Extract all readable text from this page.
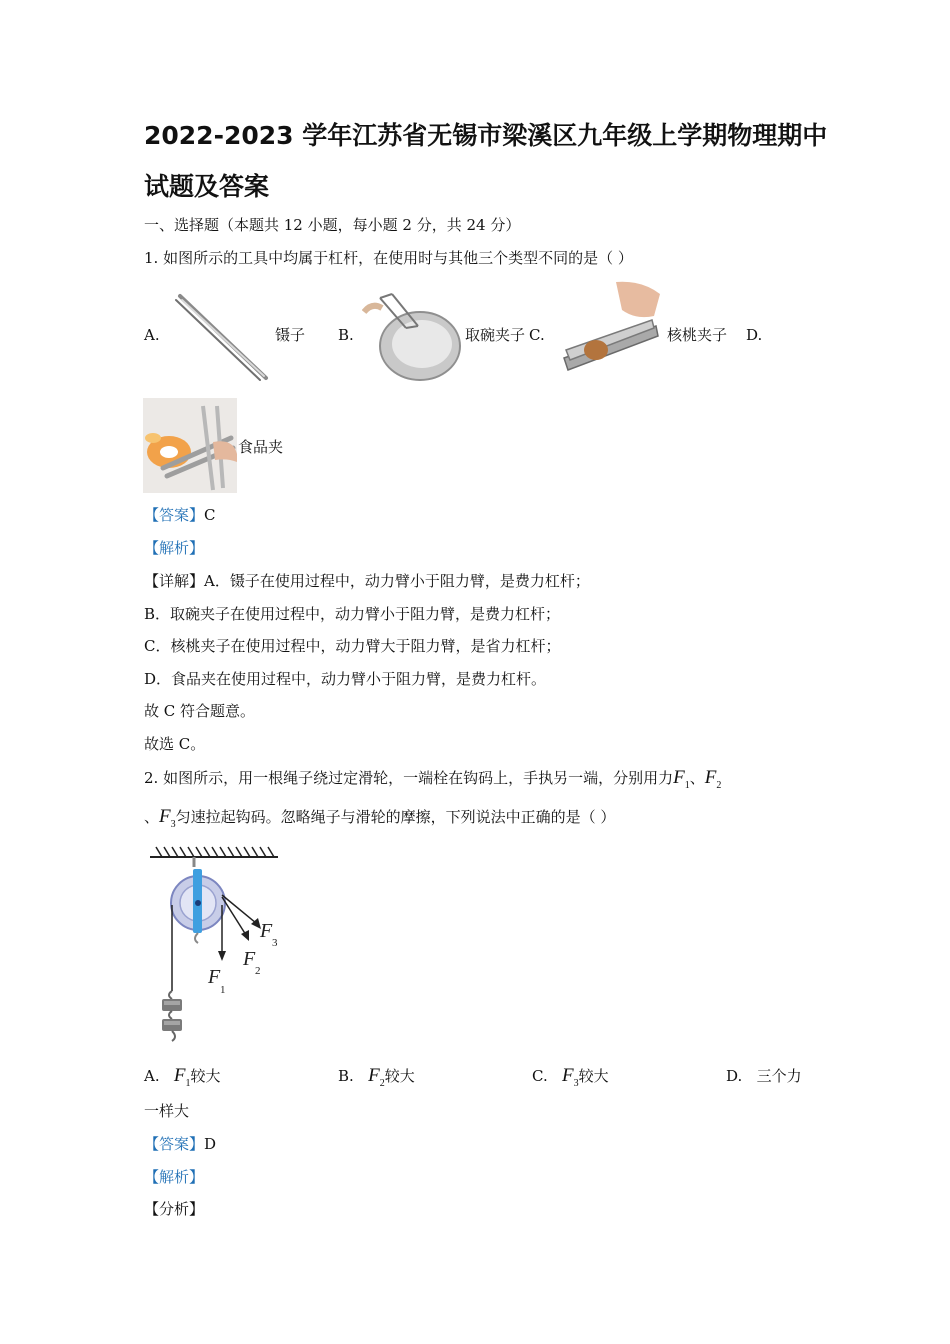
2022-2023 学年江苏省无锡市梁溪区九年级上学期物理期中
试题及答案
一、选择题（本题共 12 小题，每小题 2 分，共 24 分）
1. 如图所示的工具中均属于杠杆，在使用时与其他三个类型不同的是（ ）
A.	镊子 B.	取碗夹子 C.	核桃夹子 D.
食品夹
【答案】C
【解析】
【详解】A．镊子在使用过程中，动力臂小于阻力臂，是费力杠杆；
B．取碗夹子在使用过程中，动力臂小于阻力臂，是费力杠杆；
C．核桃夹子在使用过程中，动力臂大于阻力臂，是省力杠杆；
D．食品夹在使用过程中，动力臂小于阻力臂，是费力杠杆。
故 C 符合题意。
故选 C。
2. 如图所示，用一根绳子绕过定滑轮，一端栓在钩码上，手执另一端，分别用力$F_1$、$F_2$
、$F_3$匀速拉起钩码。忽略绳子与滑轮的摩擦，下列说法中正确的是（ ）
F
1
F
2
F
3
A. $F_1$较大	B. $F_2$较大	C. $F_3$较大	D. 三个力
一样大
【答案】D
【解析】
【分析】
